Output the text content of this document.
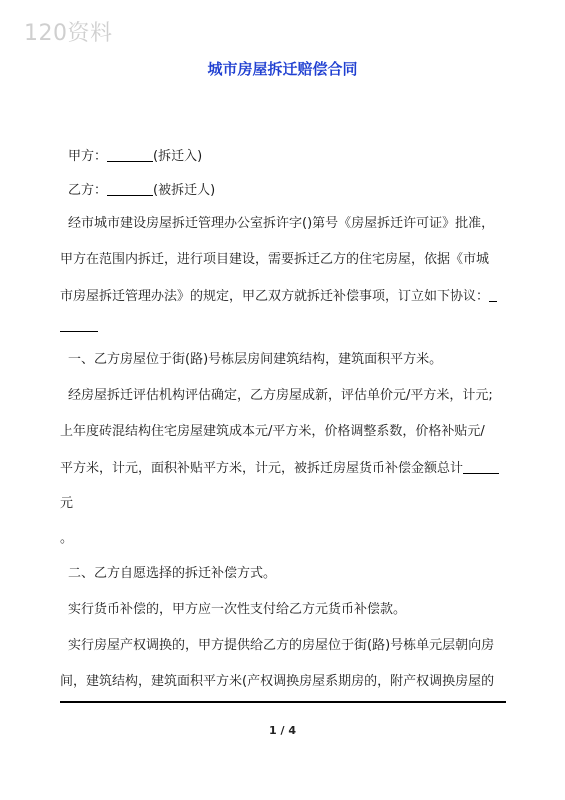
120资料
城市房屋拆迁赔偿合同
甲方：	(拆迁入)
乙方：	(被拆迁人)
经市城市建设房屋拆迁管理办公室拆许字()第号《房屋拆迁许可证》批准，
甲方在范围内拆迁，进行项目建设，需要拆迁乙方的住宅房屋，依据《市城
市房屋拆迁管理办法》的规定，甲乙双方就拆迁补偿事项，订立如下协议：
一、乙方房屋位于街(路)号栋层房间建筑结构，建筑面积平方米。
经房屋拆迁评估机构评估确定，乙方房屋成新，评估单价元/平方米，计元;
上年度砖混结构住宅房屋建筑成本元/平方米，价格调整系数，价格补贴元/
平方米，计元，面积补贴平方米，计元，被拆迁房屋货币补偿金额总计
元
。
二、乙方自愿选择的拆迁补偿方式。
实行货币补偿的，甲方应一次性支付给乙方元货币补偿款。
实行房屋产权调换的，甲方提供给乙方的房屋位于街(路)号栋单元层朝向房
间，建筑结构，建筑面积平方米(产权调换房屋系期房的，附产权调换房屋的
1 / 4
